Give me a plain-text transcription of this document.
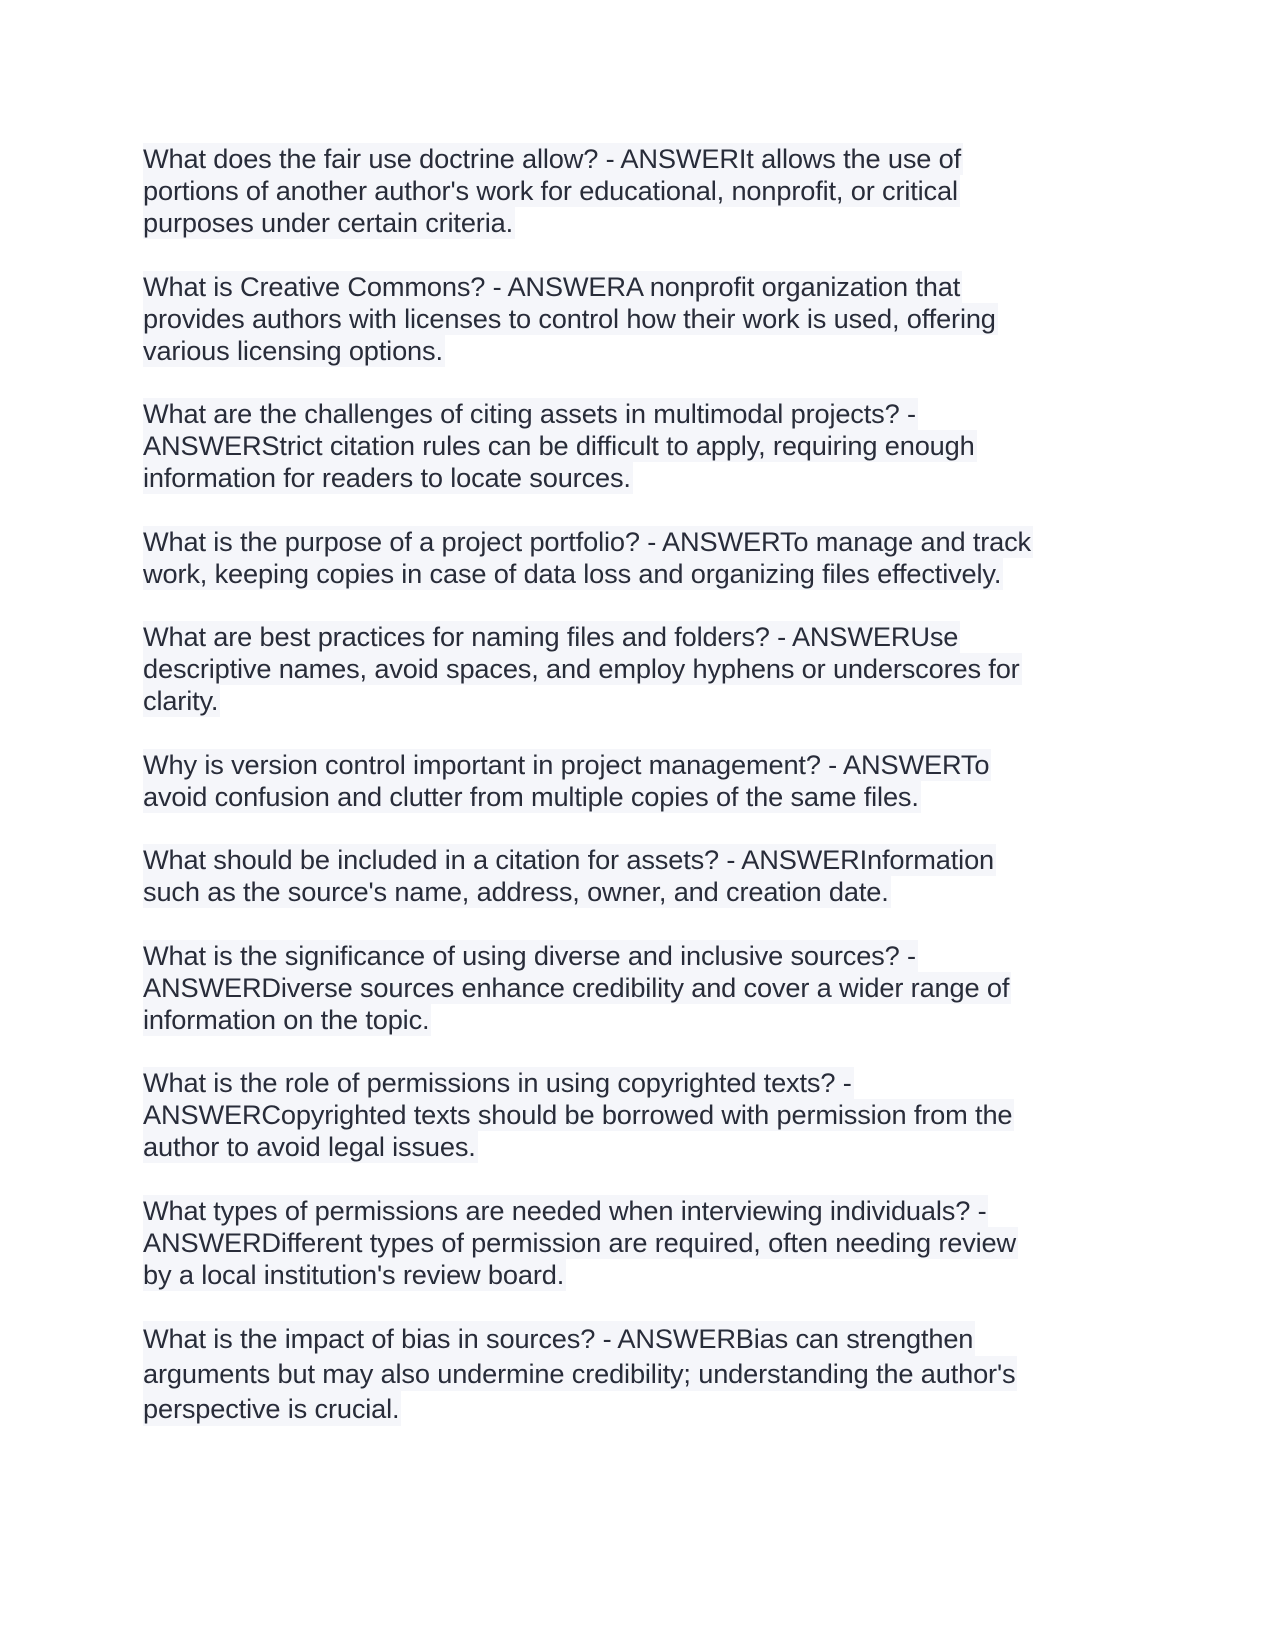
What does the fair use doctrine allow? - ANSWERIt allows the use of
portions of another author's work for educational, nonprofit, or critical
purposes under certain criteria.
What is Creative Commons? - ANSWERA nonprofit organization that
provides authors with licenses to control how their work is used, offering
various licensing options.
What are the challenges of citing assets in multimodal projects? -
ANSWERStrict citation rules can be difficult to apply, requiring enough
information for readers to locate sources.
What is the purpose of a project portfolio? - ANSWERTo manage and track
work, keeping copies in case of data loss and organizing files effectively.
What are best practices for naming files and folders? - ANSWERUse
descriptive names, avoid spaces, and employ hyphens or underscores for
clarity.
Why is version control important in project management? - ANSWERTo
avoid confusion and clutter from multiple copies of the same files.
What should be included in a citation for assets? - ANSWERInformation
such as the source's name, address, owner, and creation date.
What is the significance of using diverse and inclusive sources? -
ANSWERDiverse sources enhance credibility and cover a wider range of
information on the topic.
What is the role of permissions in using copyrighted texts? -
ANSWERCopyrighted texts should be borrowed with permission from the
author to avoid legal issues.
What types of permissions are needed when interviewing individuals? -
ANSWERDifferent types of permission are required, often needing review
by a local institution's review board.
What is the impact of bias in sources? - ANSWERBias can strengthen
arguments but may also undermine credibility; understanding the author's
perspective is crucial.
